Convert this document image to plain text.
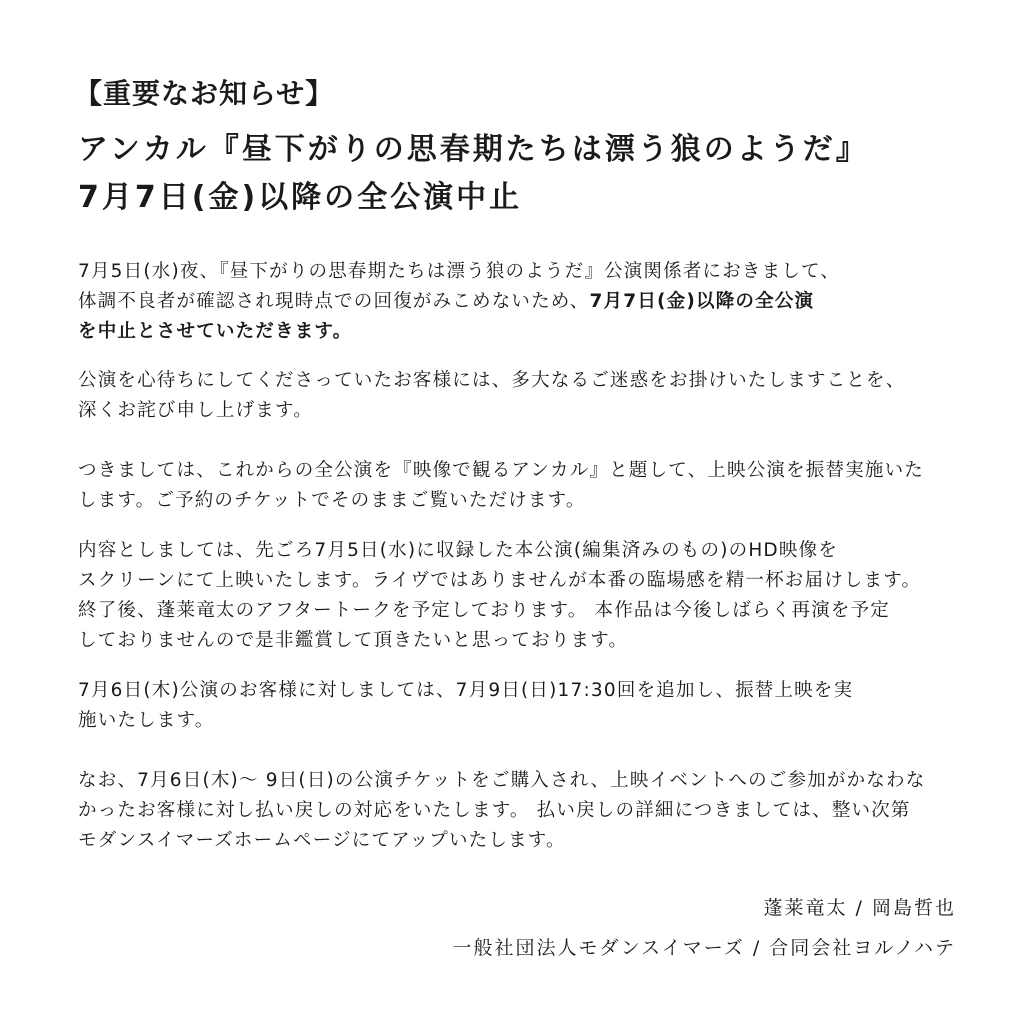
【重要なお知らせ】
アンカル『昼下がりの思春期たちは漂う狼のようだ』
7月7日(金)以降の全公演中止
7月5日(水)夜、『昼下がりの思春期たちは漂う狼のようだ』公演関係者におきまして、
体調不良者が確認され現時点での回復がみこめないため、7月7日(金)以降の全公演
を中止とさせていただきます。
公演を心待ちにしてくださっていたお客様には、多大なるご迷惑をお掛けいたしますことを、
深くお詫び申し上げます。
つきましては、これからの全公演を『映像で観るアンカル』と題して、上映公演を振替実施いた
します。ご予約のチケットでそのままご覧いただけます。
内容としましては、先ごろ7月5日(水)に収録した本公演(編集済みのもの)のHD映像を
スクリーンにて上映いたします。ライヴではありませんが本番の臨場感を精一杯お届けします。
終了後、蓬莱竜太のアフタートークを予定しております。 本作品は今後しばらく再演を予定
しておりませんので是非鑑賞して頂きたいと思っております。
7月6日(木)公演のお客様に対しましては、7月9日(日)17:30回を追加し、振替上映を実
施いたします。
なお、7月6日(木)〜 9日(日)の公演チケットをご購入され、上映イベントへのご参加がかなわな
かったお客様に対し払い戻しの対応をいたします。 払い戻しの詳細につきましては、整い次第
モダンスイマーズホームページにてアップいたします。
蓬莱竜太 / 岡島哲也
一般社団法人モダンスイマーズ / 合同会社ヨルノハテ
